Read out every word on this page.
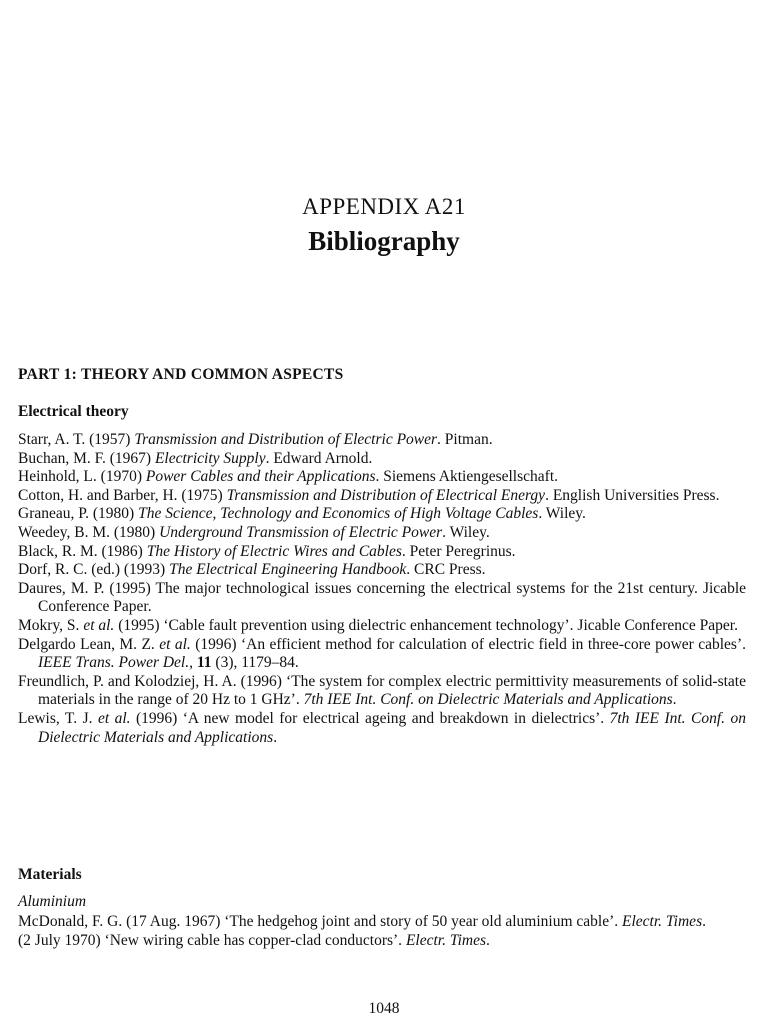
APPENDIX A21
Bibliography
PART 1: THEORY AND COMMON ASPECTS
Electrical theory
Starr, A. T. (1957) Transmission and Distribution of Electric Power. Pitman.
Buchan, M. F. (1967) Electricity Supply. Edward Arnold.
Heinhold, L. (1970) Power Cables and their Applications. Siemens Aktiengesellschaft.
Cotton, H. and Barber, H. (1975) Transmission and Distribution of Electrical Energy. English Universities Press.
Graneau, P. (1980) The Science, Technology and Economics of High Voltage Cables. Wiley.
Weedey, B. M. (1980) Underground Transmission of Electric Power. Wiley.
Black, R. M. (1986) The History of Electric Wires and Cables. Peter Peregrinus.
Dorf, R. C. (ed.) (1993) The Electrical Engineering Handbook. CRC Press.
Daures, M. P. (1995) The major technological issues concerning the electrical systems for the 21st century. Jicable Conference Paper.
Mokry, S. et al. (1995) ‘Cable fault prevention using dielectric enhancement technology’. Jicable Conference Paper.
Delgardo Lean, M. Z. et al. (1996) ‘An efficient method for calculation of electric field in three-core power cables’. IEEE Trans. Power Del., 11 (3), 1179–84.
Freundlich, P. and Kolodziej, H. A. (1996) ‘The system for complex electric permittivity measurements of solid-state materials in the range of 20 Hz to 1 GHz’. 7th IEE Int. Conf. on Dielectric Materials and Applications.
Lewis, T. J. et al. (1996) ‘A new model for electrical ageing and breakdown in dielectrics’. 7th IEE Int. Conf. on Dielectric Materials and Applications.
Materials
Aluminium
McDonald, F. G. (17 Aug. 1967) ‘The hedgehog joint and story of 50 year old aluminium cable’. Electr. Times.
(2 July 1970) ‘New wiring cable has copper-clad conductors’. Electr. Times.
1048
